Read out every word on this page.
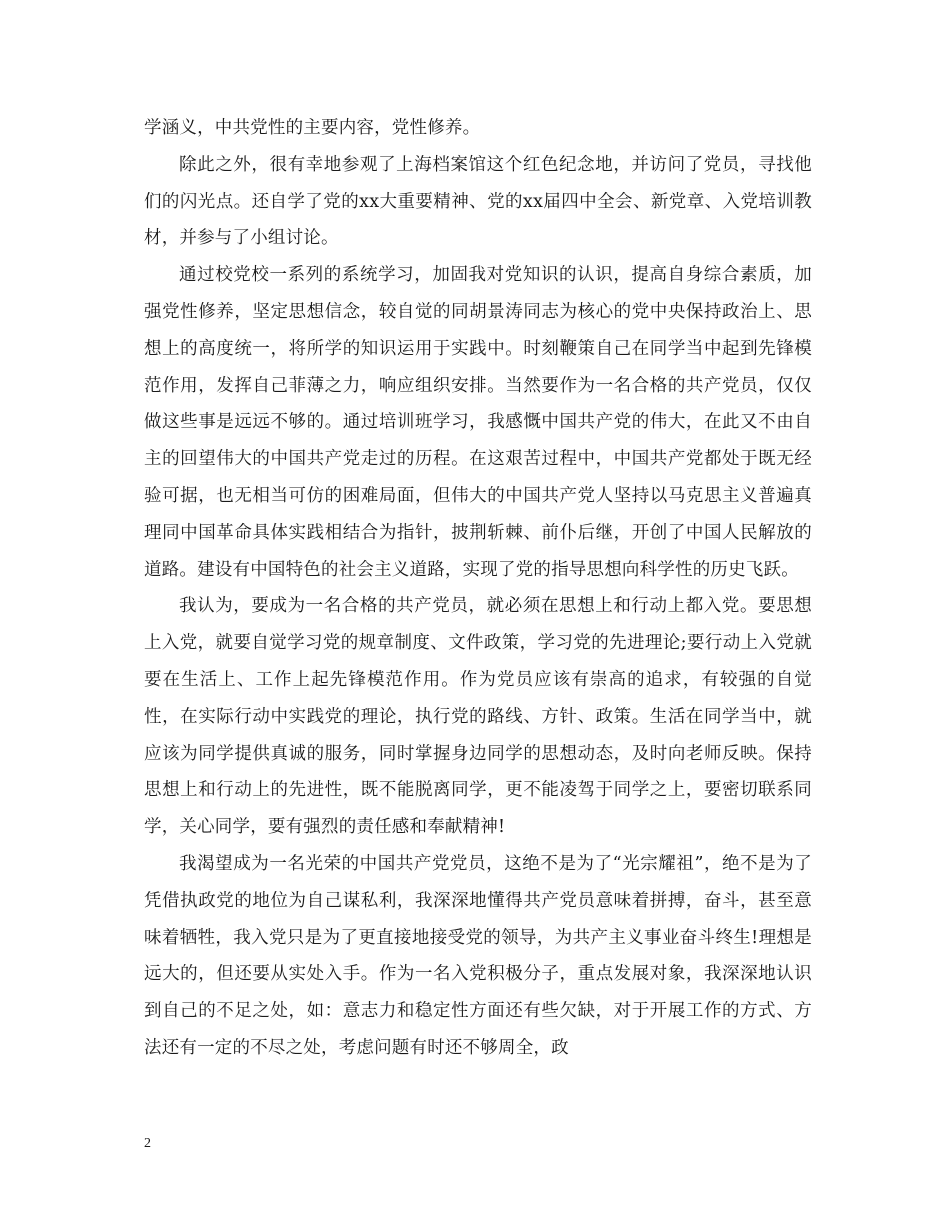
学涵义，中共党性的主要内容，党性修养。

除此之外，很有幸地参观了上海档案馆这个红色纪念地，并访问了党员，寻找他们的闪光点。还自学了党的xx大重要精神、党的xx届四中全会、新党章、入党培训教材，并参与了小组讨论。

通过校党校一系列的系统学习，加固我对党知识的认识，提高自身综合素质，加强党性修养，坚定思想信念，较自觉的同胡景涛同志为核心的党中央保持政治上、思想上的高度统一，将所学的知识运用于实践中。时刻鞭策自己在同学当中起到先锋模范作用，发挥自己菲薄之力，响应组织安排。当然要作为一名合格的共产党员，仅仅做这些事是远远不够的。通过培训班学习，我感慨中国共产党的伟大，在此又不由自主的回望伟大的中国共产党走过的历程。在这艰苦过程中，中国共产党都处于既无经验可据，也无相当可仿的困难局面，但伟大的中国共产党人坚持以马克思主义普遍真理同中国革命具体实践相结合为指针，披荆斩棘、前仆后继，开创了中国人民解放的道路。建设有中国特色的社会主义道路，实现了党的指导思想向科学性的历史飞跃。

我认为，要成为一名合格的共产党员，就必须在思想上和行动上都入党。要思想上入党，就要自觉学习党的规章制度、文件政策，学习党的先进理论;要行动上入党就要在生活上、工作上起先锋模范作用。作为党员应该有崇高的追求，有较强的自觉性，在实际行动中实践党的理论，执行党的路线、方针、政策。生活在同学当中，就应该为同学提供真诚的服务，同时掌握身边同学的思想动态，及时向老师反映。保持思想上和行动上的先进性，既不能脱离同学，更不能凌驾于同学之上，要密切联系同学，关心同学，要有强烈的责任感和奉献精神!

我渴望成为一名光荣的中国共产党党员，这绝不是为了“光宗耀祖”，绝不是为了凭借执政党的地位为自己谋私利，我深深地懂得共产党员意味着拼搏，奋斗，甚至意味着牺牲，我入党只是为了更直接地接受党的领导，为共产主义事业奋斗终生!理想是远大的，但还要从实处入手。作为一名入党积极分子，重点发展对象，我深深地认识到自己的不足之处，如：意志力和稳定性方面还有些欠缺，对于开展工作的方式、方法还有一定的不尽之处，考虑问题有时还不够周全，政

2
